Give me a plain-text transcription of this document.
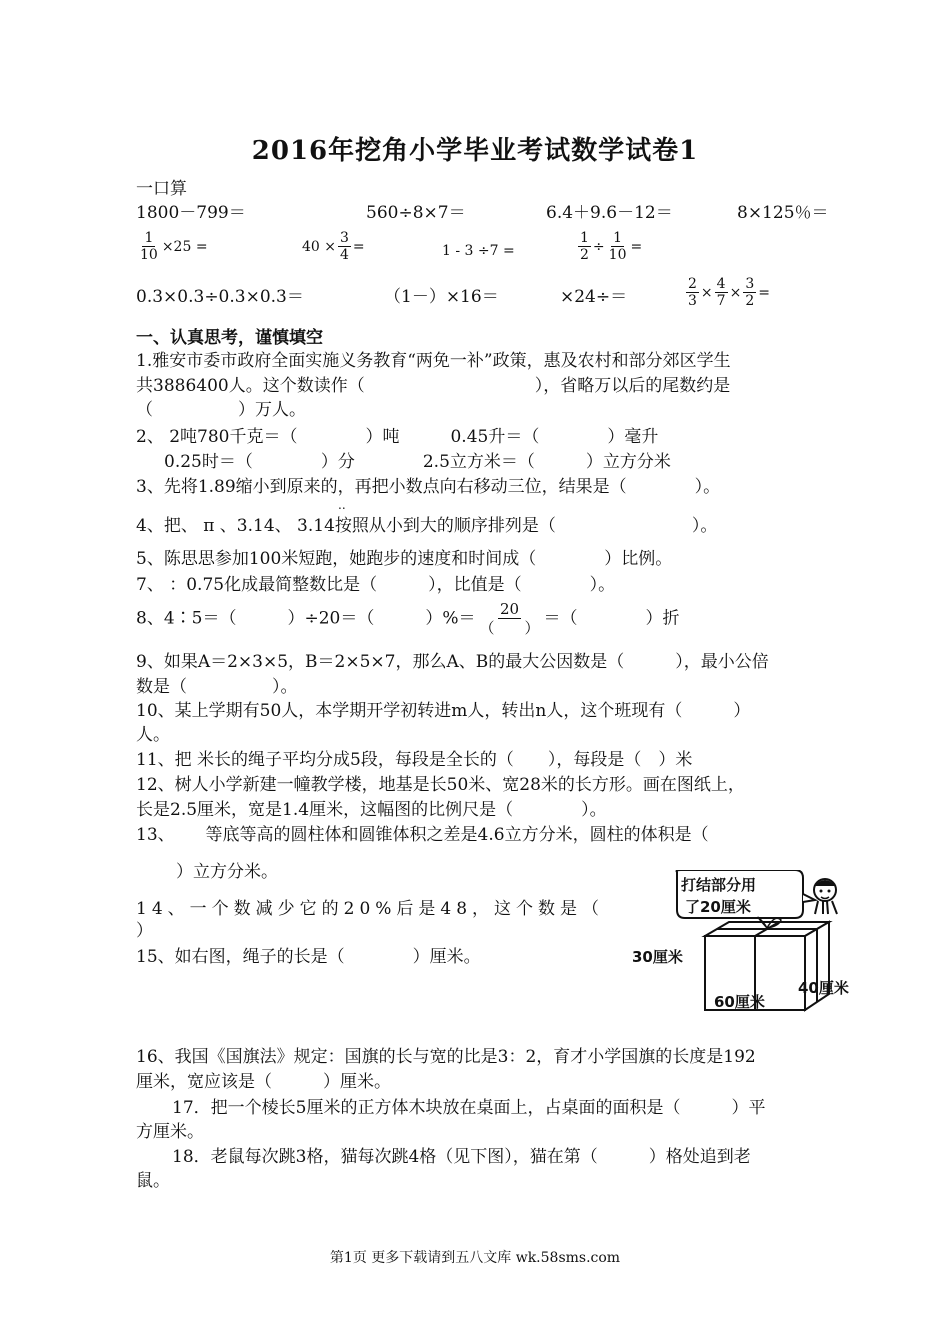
2016年挖角小学毕业考试数学试卷1
一口算
1800－799＝	560÷8×7＝	6.4＋9.6－12＝	8×125％＝
$\frac{1}{10} \times 25$ =	$40 \times \frac{3}{4}$ =	1 - 3 ÷7 =	$\frac{1}{2} \div \frac{1}{10}$ =
0.3×0.3÷0.3×0.3＝	（1－）×16＝	×24÷＝	$\frac{2}{3} \times \frac{4}{7} \times \frac{3}{2}$ =
一、认真思考，谨慎填空
1.雅安市委市政府全面实施义务教育“两免一补”政策，惠及农村和部分郊区学生
共3886400人。这个数读作（　　　　　　　　　　），省略万以后的尾数约是
（　　　　　）万人。
2、 2吨780千克＝（　　　　）吨　　　0.45升＝（　　　　）毫升
0.25时＝（　　　　）分　　　　2.5立方米＝（　　　）立方分米
3、先将1.89缩小到原来的，再把小数点向右移动三位，结果是（　　　　）。
..
4、把、 π 、3.14、 3.14按照从小到大的顺序排列是（　　　　　　　　）。
5、陈思思参加100米短跑，她跑步的速度和时间成（　　　　）比例。
7、 ：0.75化成最简整数比是（　　　），比值是（　　　　）。
8、4∶5＝（　　　）÷20＝（　　　）%＝ $\frac{20}{( )}$ ＝（　　　　）折
9、如果A＝2×3×5，B＝2×5×7，那么A、B的最大公因数是（　　　），最小公倍
数是（　　　　　）。
10、某上学期有50人，本学期开学初转进m人，转出n人，这个班现有（　　　）
人。
11、把 米长的绳子平均分成5段，每段是全长的（　　），每段是（　）米
12、树人小学新建一幢教学楼，地基是长50米、宽28米的长方形。画在图纸上，
长是2.5厘米，宽是1.4厘米，这幅图的比例尺是（　　　　）。
13、　　 等底等高的圆柱体和圆锥体积之差是4.6立方分米，圆柱的体积是（
）立方分米。
14、一个数减少它的20%后是48，这个数是（
）
15、如右图，绳子的长是（　　　　）厘米。
打结部分用
了20厘米
30厘米
40厘米
60厘米
16、我国《国旗法》规定：国旗的长与宽的比是3：2，育才小学国旗的长度是192
厘米，宽应该是（　　　）厘米。
17．把一个棱长5厘米的正方体木块放在桌面上，占桌面的面积是（　　　）平
方厘米。
18．老鼠每次跳3格，猫每次跳4格（见下图），猫在第（　　　）格处追到老
鼠。
第1页 更多下载请到五八文库 wk.58sms.com
